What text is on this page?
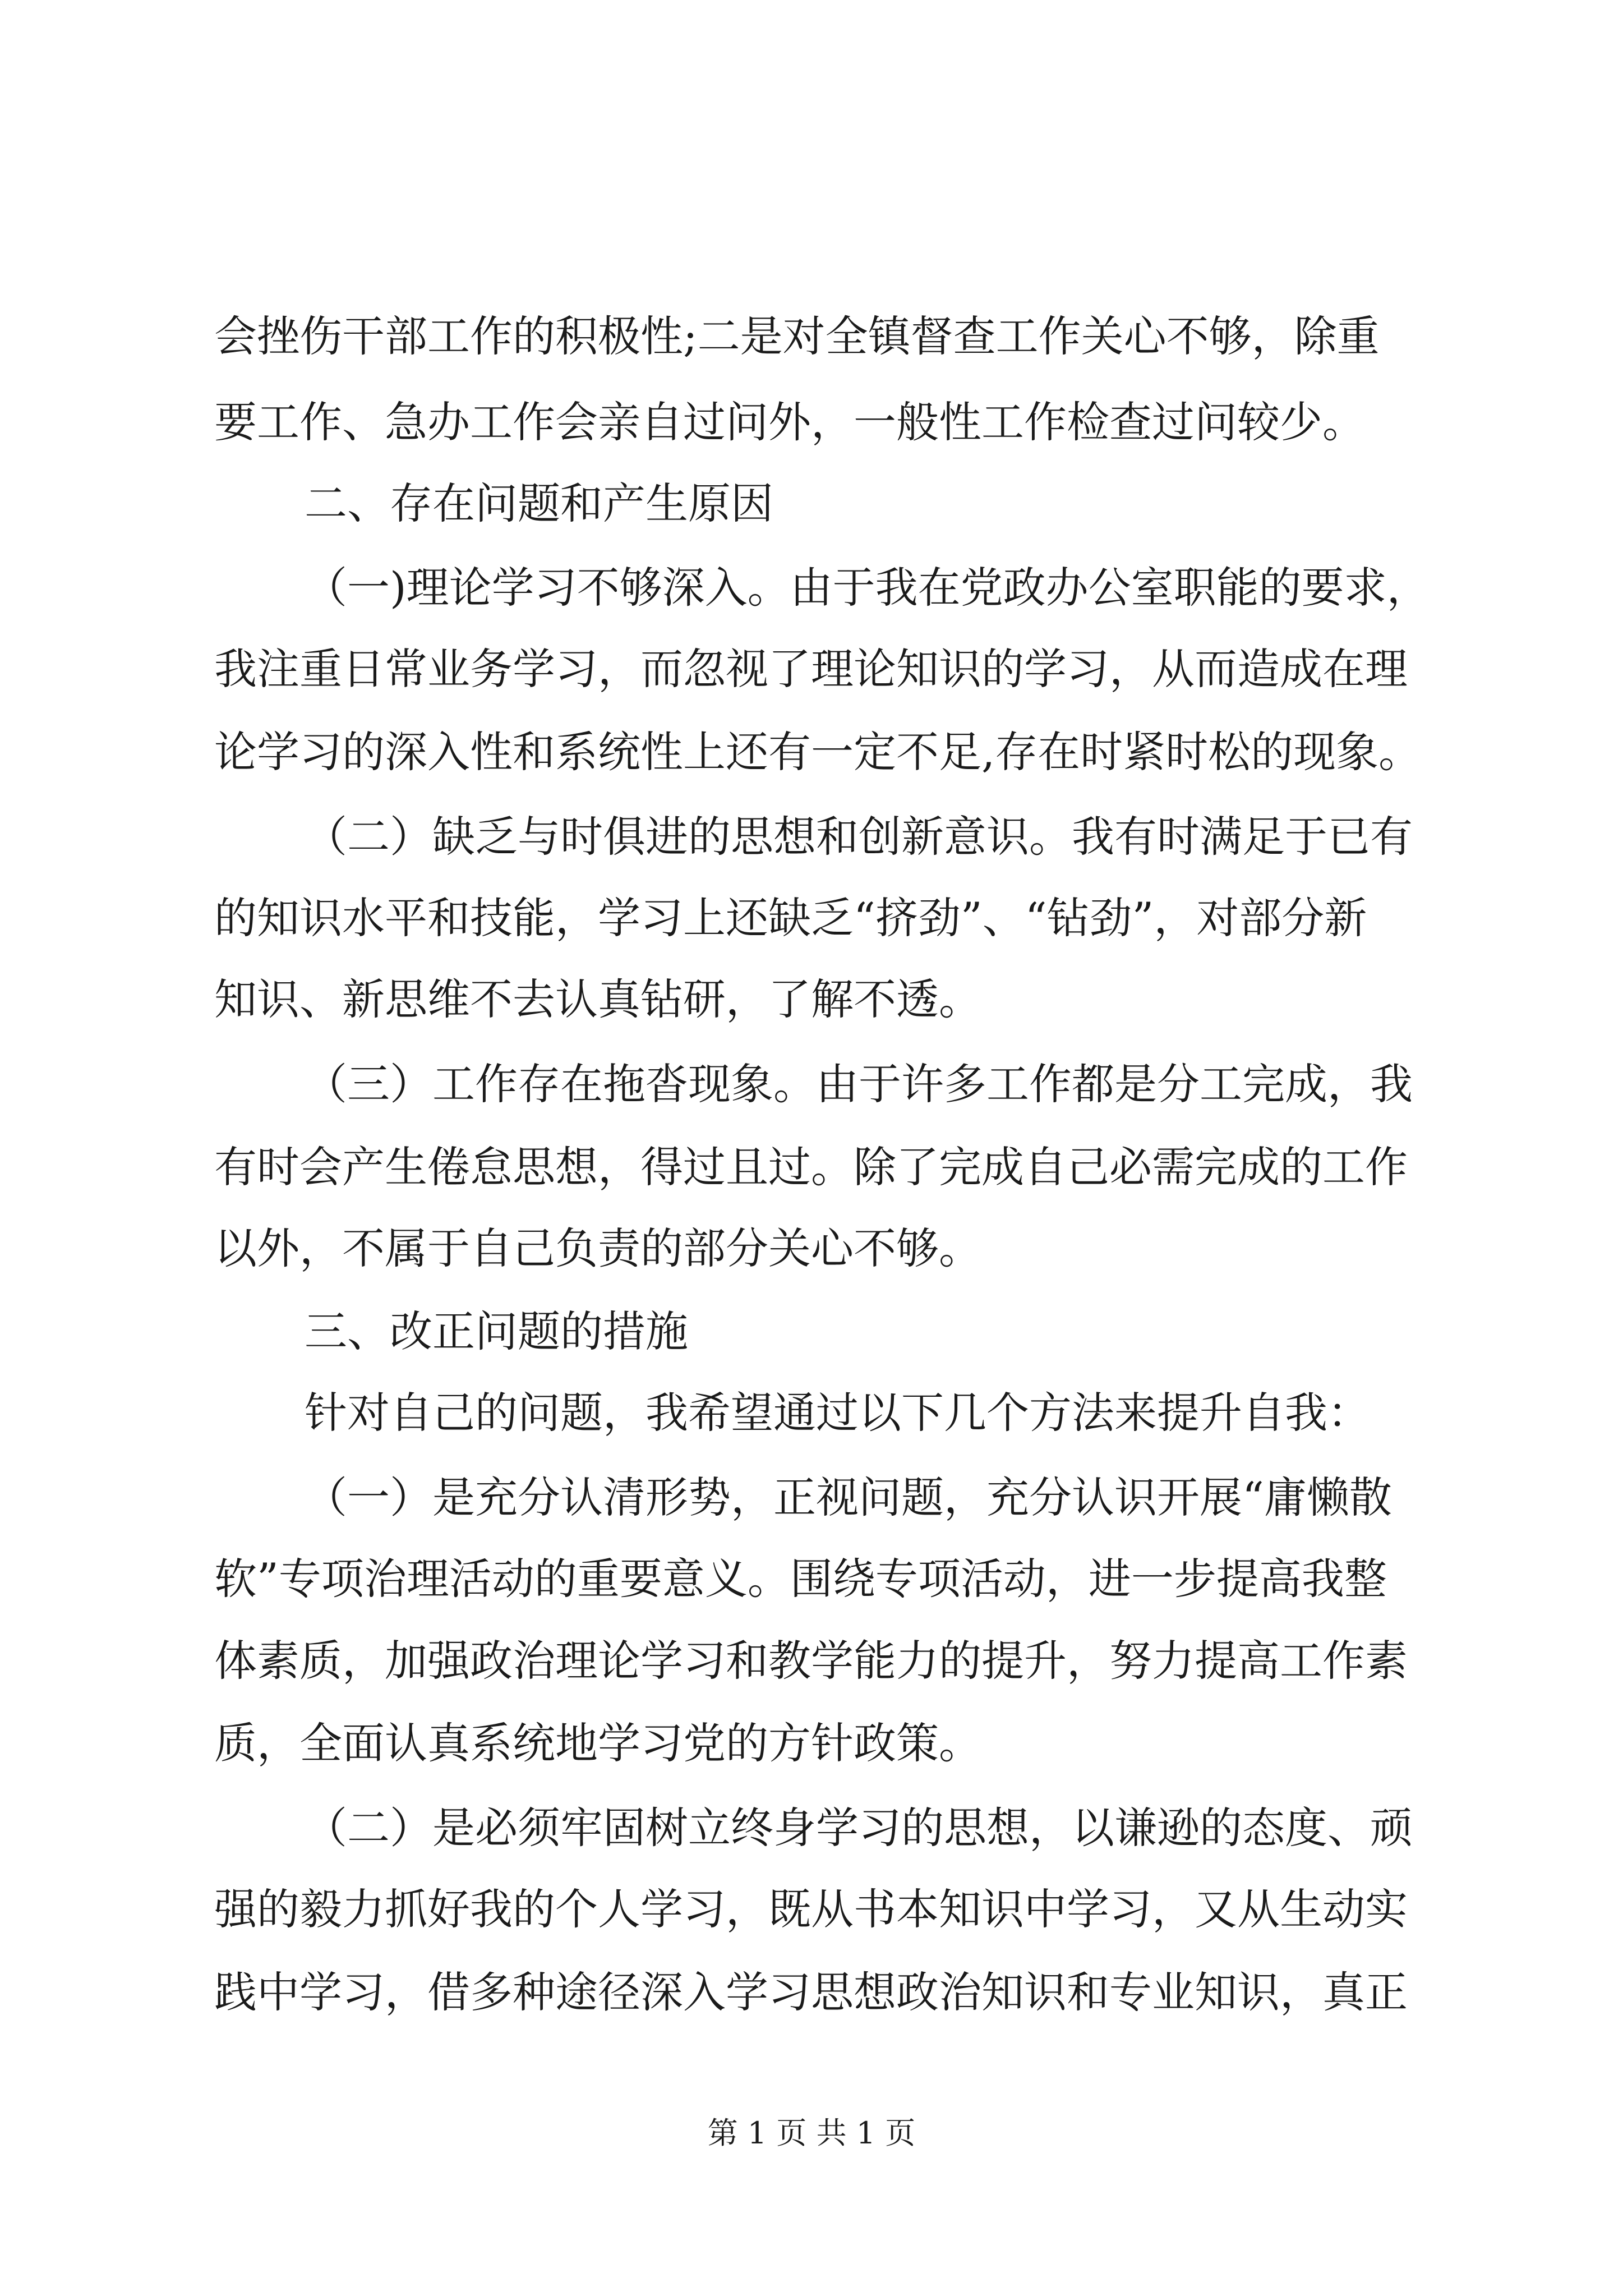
会挫伤干部工作的积极性;二是对全镇督查工作关心不够，除重
要工作、急办工作会亲自过问外，一般性工作检查过问较少。
二、存在问题和产生原因
（一)理论学习不够深入。由于我在党政办公室职能的要求，
我注重日常业务学习，而忽视了理论知识的学习，从而造成在理
论学习的深入性和系统性上还有一定不足,存在时紧时松的现象。
（二）缺乏与时俱进的思想和创新意识。我有时满足于已有
的知识水平和技能，学习上还缺乏“挤劲”、“钻劲”，对部分新
知识、新思维不去认真钻研，了解不透。
（三）工作存在拖沓现象。由于许多工作都是分工完成，我
有时会产生倦怠思想，得过且过。除了完成自己必需完成的工作
以外，不属于自己负责的部分关心不够。
三、改正问题的措施
针对自己的问题，我希望通过以下几个方法来提升自我：
（一）是充分认清形势，正视问题，充分认识开展“庸懒散
软”专项治理活动的重要意义。围绕专项活动，进一步提高我整
体素质，加强政治理论学习和教学能力的提升，努力提高工作素
质，全面认真系统地学习党的方针政策。
（二）是必须牢固树立终身学习的思想，以谦逊的态度、顽
强的毅力抓好我的个人学习，既从书本知识中学习，又从生动实
践中学习，借多种途径深入学习思想政治知识和专业知识，真正
第 1 页 共 1 页
